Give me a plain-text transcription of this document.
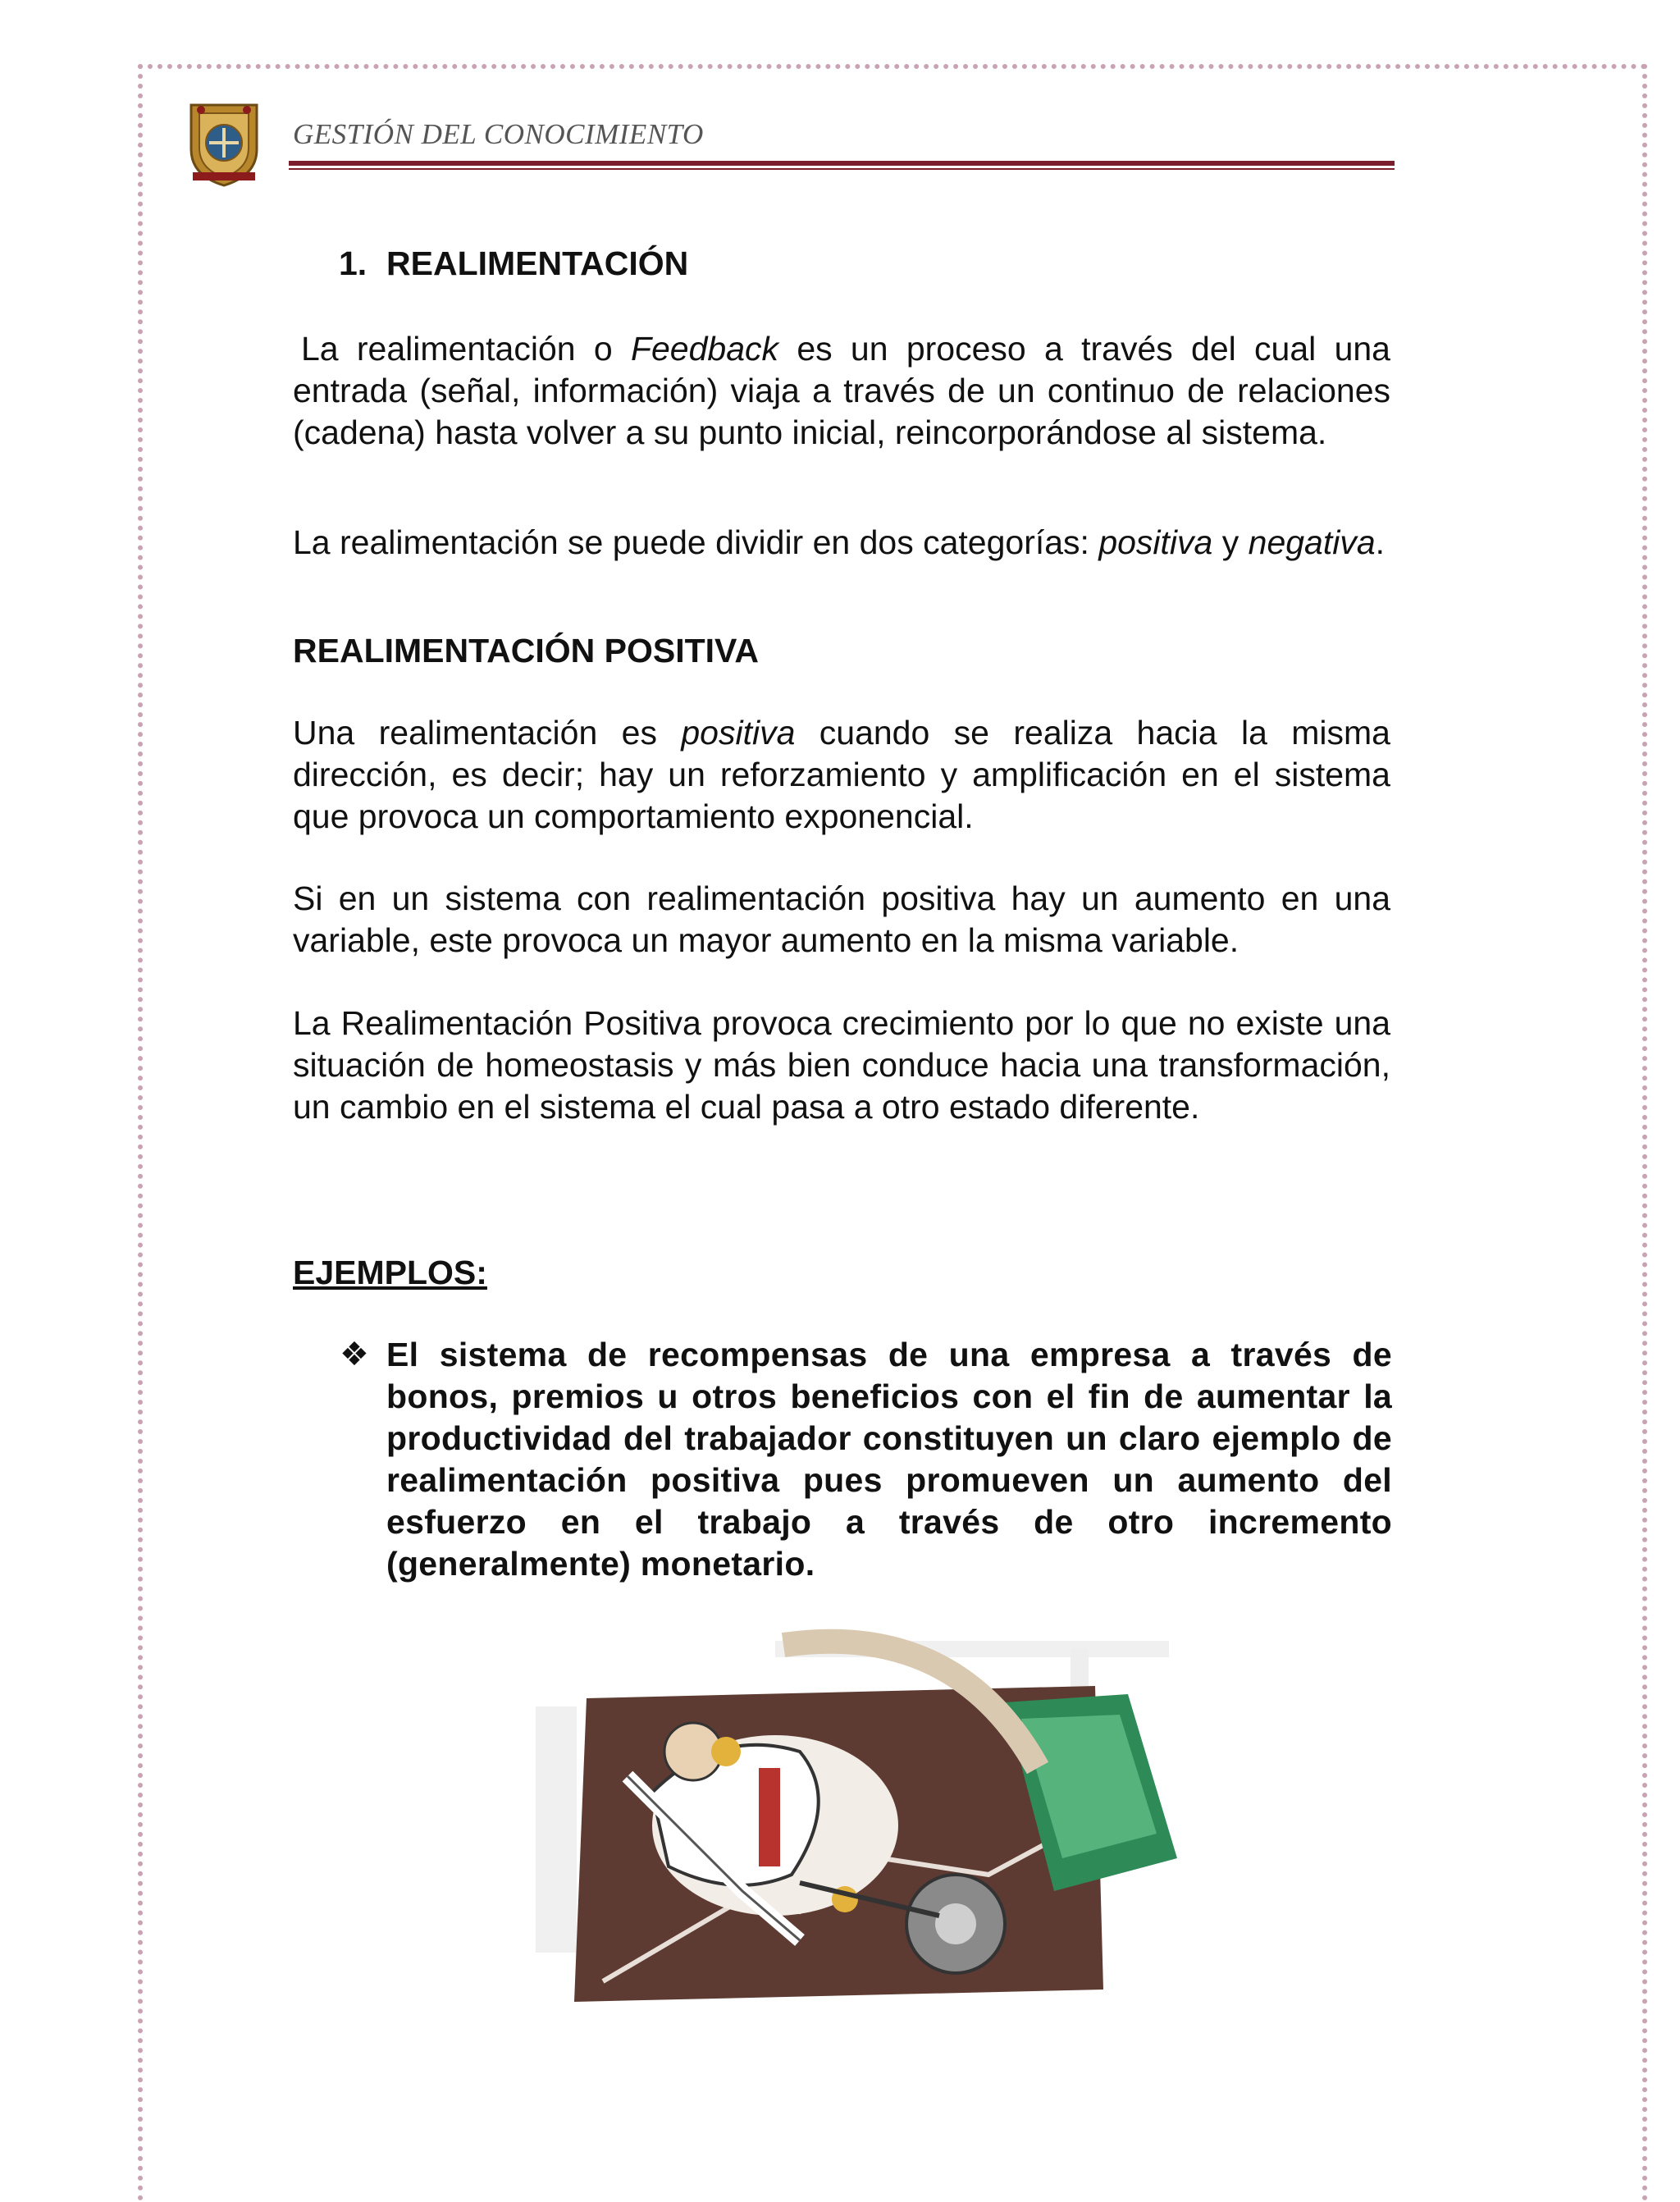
GESTIÓN DEL CONOCIMIENTO
1. REALIMENTACIÓN
La realimentación o Feedback es un proceso a través del cual una entrada (señal, información) viaja a través de un continuo de relaciones (cadena) hasta volver a su punto inicial, reincorporándose al sistema.
La realimentación se puede dividir en dos categorías: positiva y negativa.
REALIMENTACIÓN POSITIVA
Una realimentación es positiva cuando se realiza hacia la misma dirección, es decir; hay un reforzamiento y amplificación en el sistema que provoca un comportamiento exponencial.
Si en un sistema con realimentación positiva hay un aumento en una variable, este provoca un mayor aumento en la misma variable.
La Realimentación Positiva provoca crecimiento por lo que no existe una situación de homeostasis y más bien conduce hacia una transformación, un cambio en el sistema el cual pasa a otro estado diferente.
EJEMPLOS:
❖ El sistema de recompensas de una empresa a través de bonos, premios u otros beneficios con el fin de aumentar la productividad del trabajador constituyen un claro ejemplo de realimentación positiva pues promueven un aumento del esfuerzo en el trabajo a través de otro incremento (generalmente) monetario.
